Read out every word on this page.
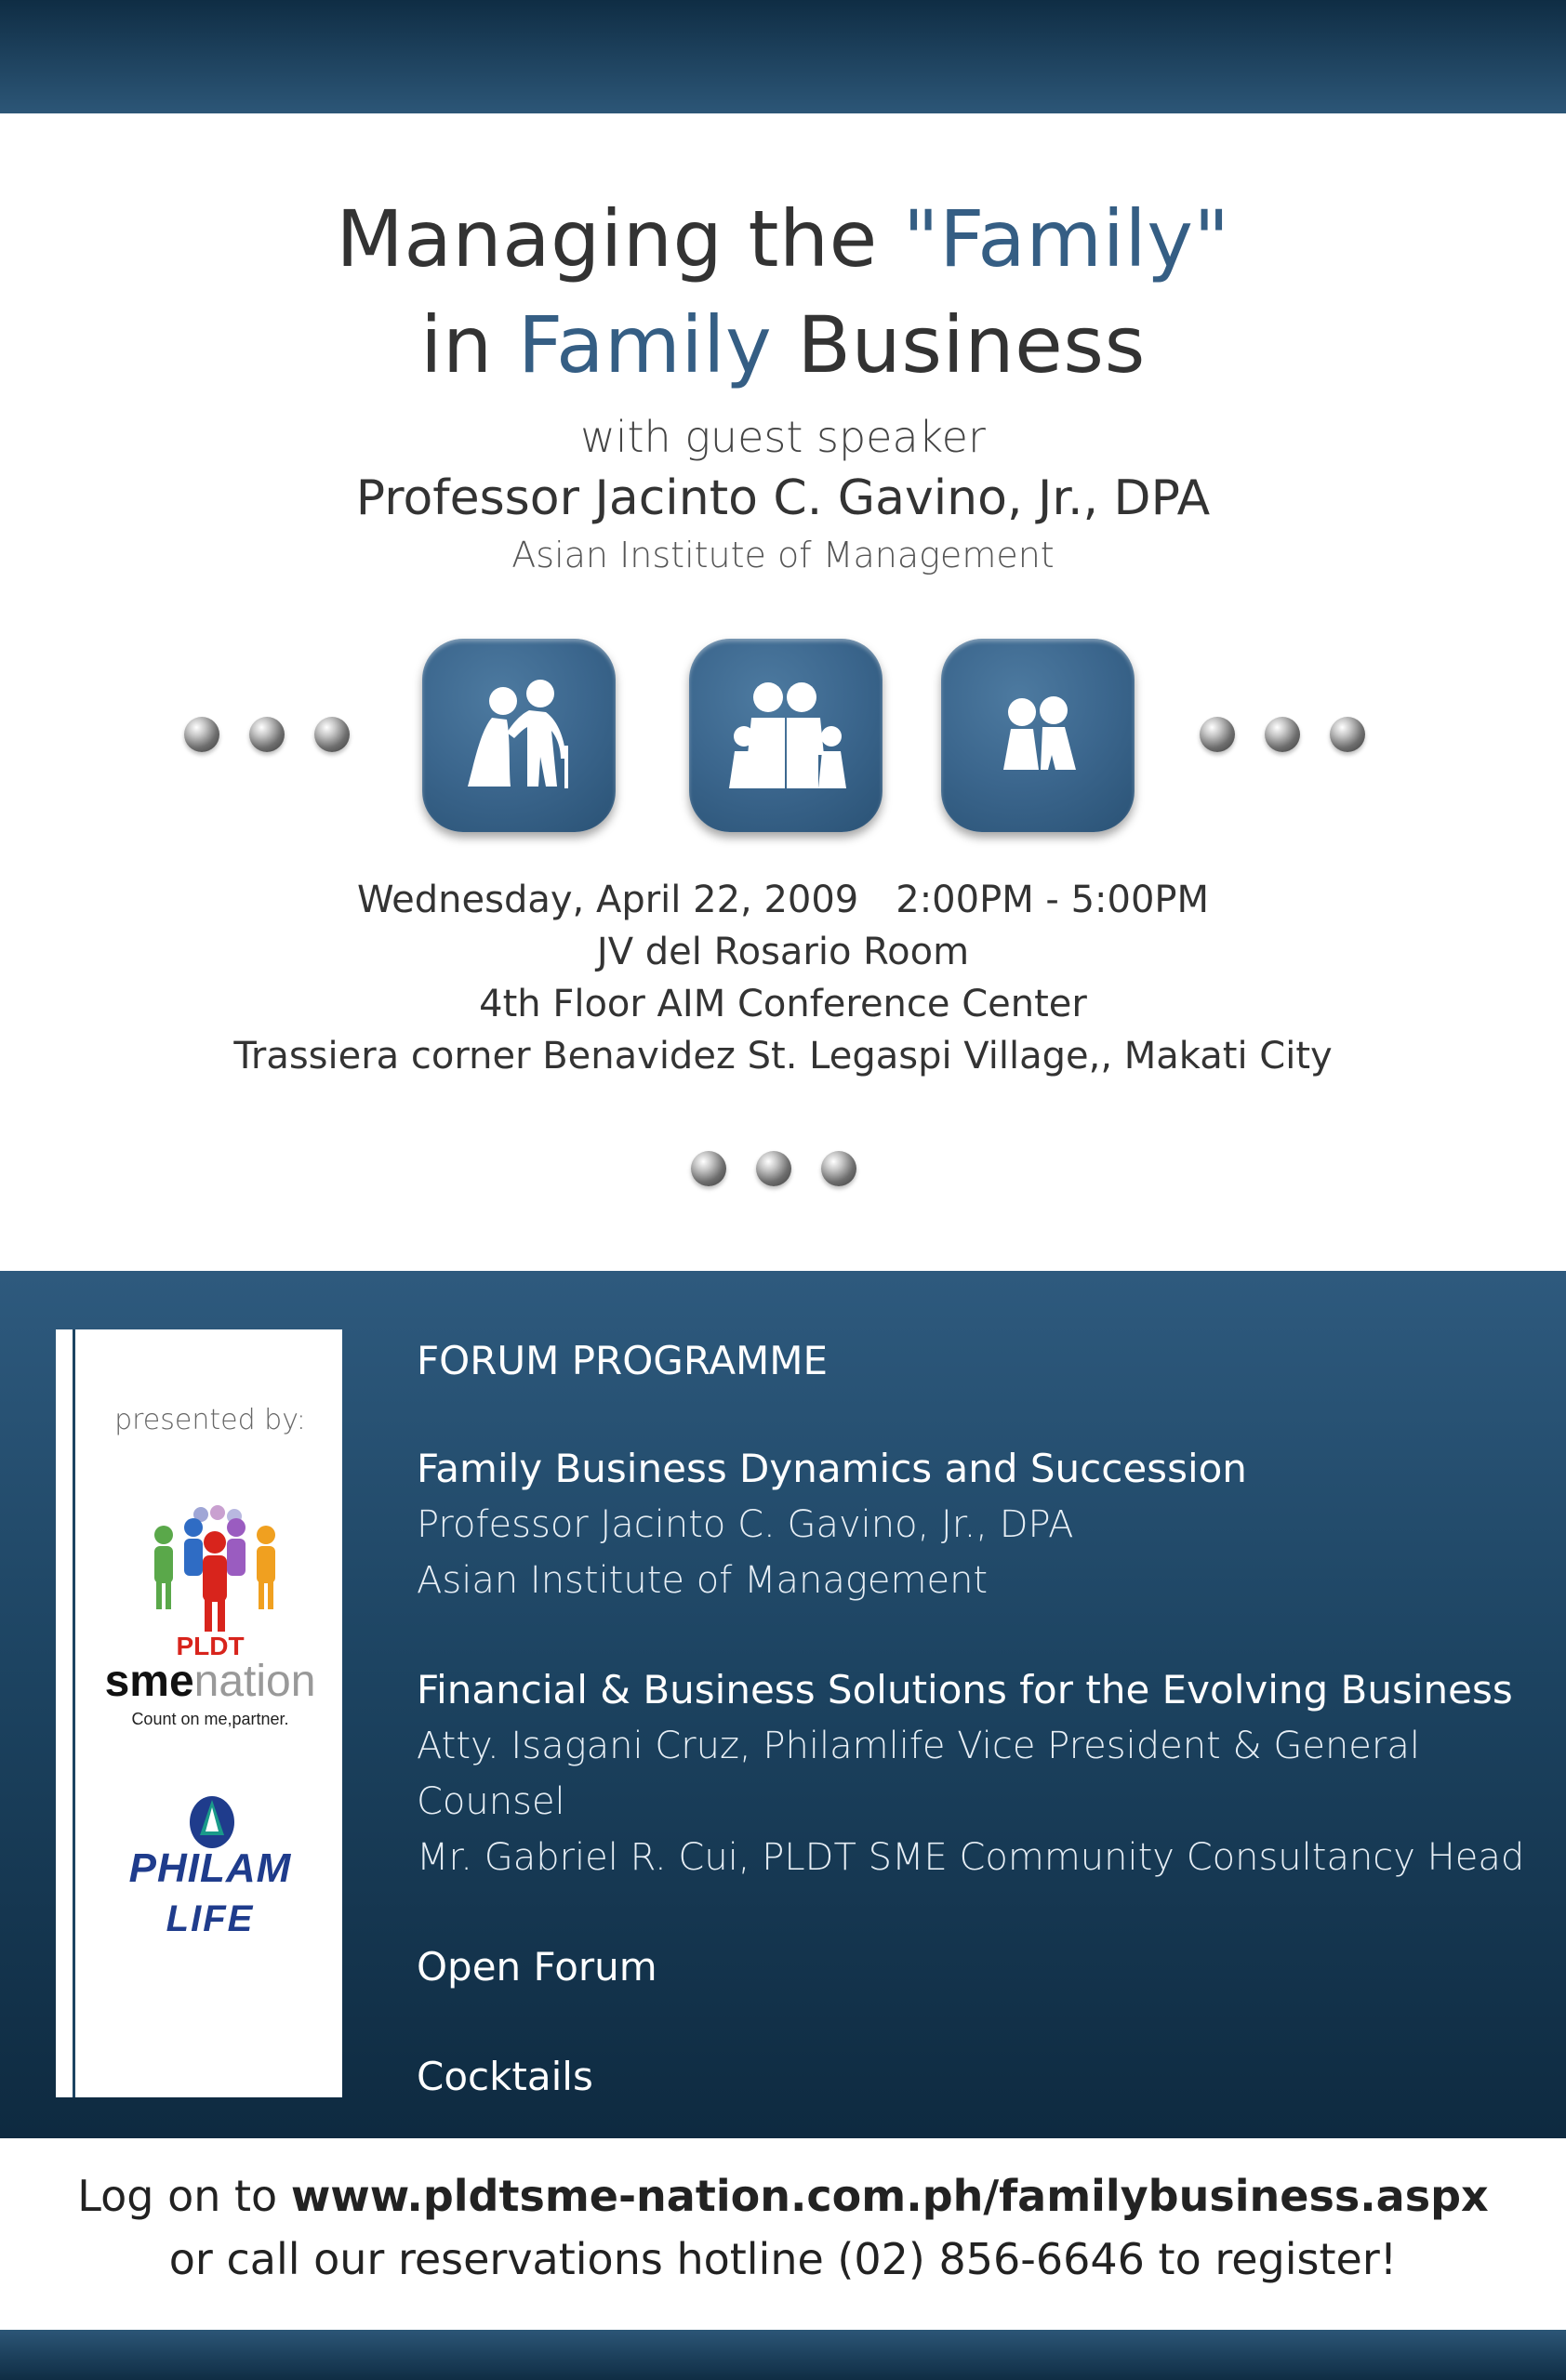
Managing the "Family"
in Family Business
with guest speaker
Professor Jacinto C. Gavino, Jr., DPA
Asian Institute of Management
Wednesday, April 22, 2009 2:00PM - 5:00PM
JV del Rosario Room
4th Floor AIM Conference Center
Trassiera corner Benavidez St. Legaspi Village,, Makati City
presented by:
PLDT
smenation
Count on me,partner.
PHILAM
LIFE
FORUM PROGRAMME
Family Business Dynamics and Succession
Professor Jacinto C. Gavino, Jr., DPA
Asian Institute of Management
Financial & Business Solutions for the Evolving Business
Atty. Isagani Cruz, Philamlife Vice President & General Counsel
Mr. Gabriel R. Cui, PLDT SME Community Consultancy Head
Open Forum
Cocktails
Log on to www.pldtsme-nation.com.ph/familybusiness.aspx
or call our reservations hotline (02) 856-6646 to register!
